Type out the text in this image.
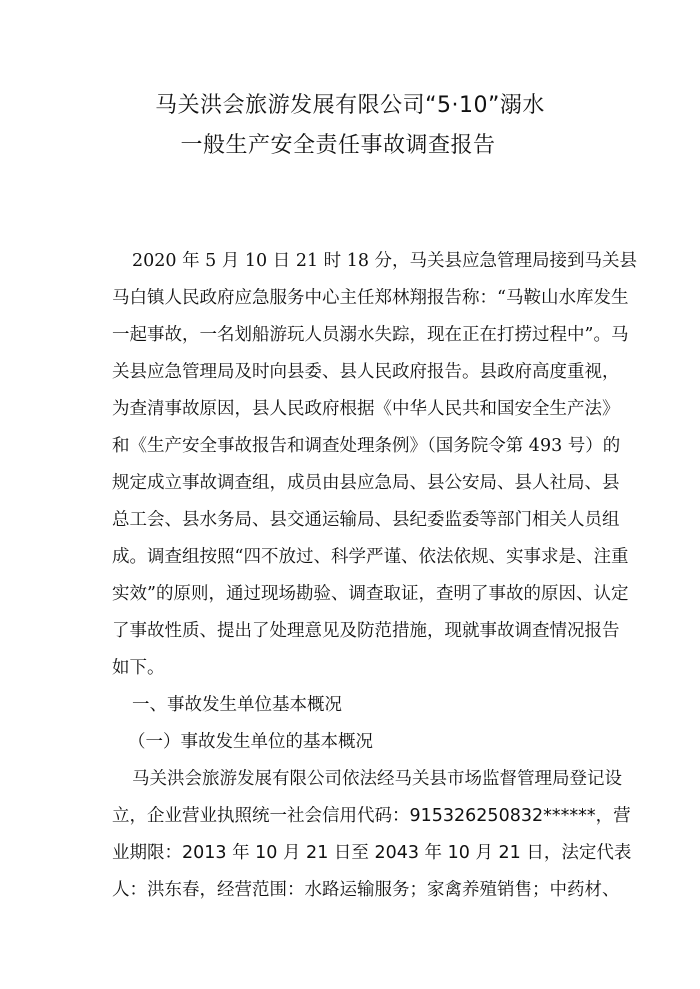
马关洪会旅游发展有限公司“5·10”溺水
一般生产安全责任事故调查报告
2020 年 5 月 10 日 21 时 18 分，马关县应急管理局接到马关县
马白镇人民政府应急服务中心主任郑林翔报告称：“马鞍山水库发生
一起事故，一名划船游玩人员溺水失踪，现在正在打捞过程中”。马
关县应急管理局及时向县委、县人民政府报告。县政府高度重视，
为查清事故原因，县人民政府根据《中华人民共和国安全生产法》
和《生产安全事故报告和调查处理条例》（国务院令第 493 号）的
规定成立事故调查组，成员由县应急局、县公安局、县人社局、县
总工会、县水务局、县交通运输局、县纪委监委等部门相关人员组
成。调查组按照“四不放过、科学严谨、依法依规、实事求是、注重
实效”的原则，通过现场勘验、调查取证，查明了事故的原因、认定
了事故性质、提出了处理意见及防范措施，现就事故调查情况报告
如下。
一、事故发生单位基本概况
（一）事故发生单位的基本概况
马关洪会旅游发展有限公司依法经马关县市场监督管理局登记设
立，企业营业执照统一社会信用代码：915326250832******，营
业期限：2013 年 10 月 21 日至 2043 年 10 月 21 日，法定代表
人：洪东春，经营范围：水路运输服务；家禽养殖销售；中药材、
